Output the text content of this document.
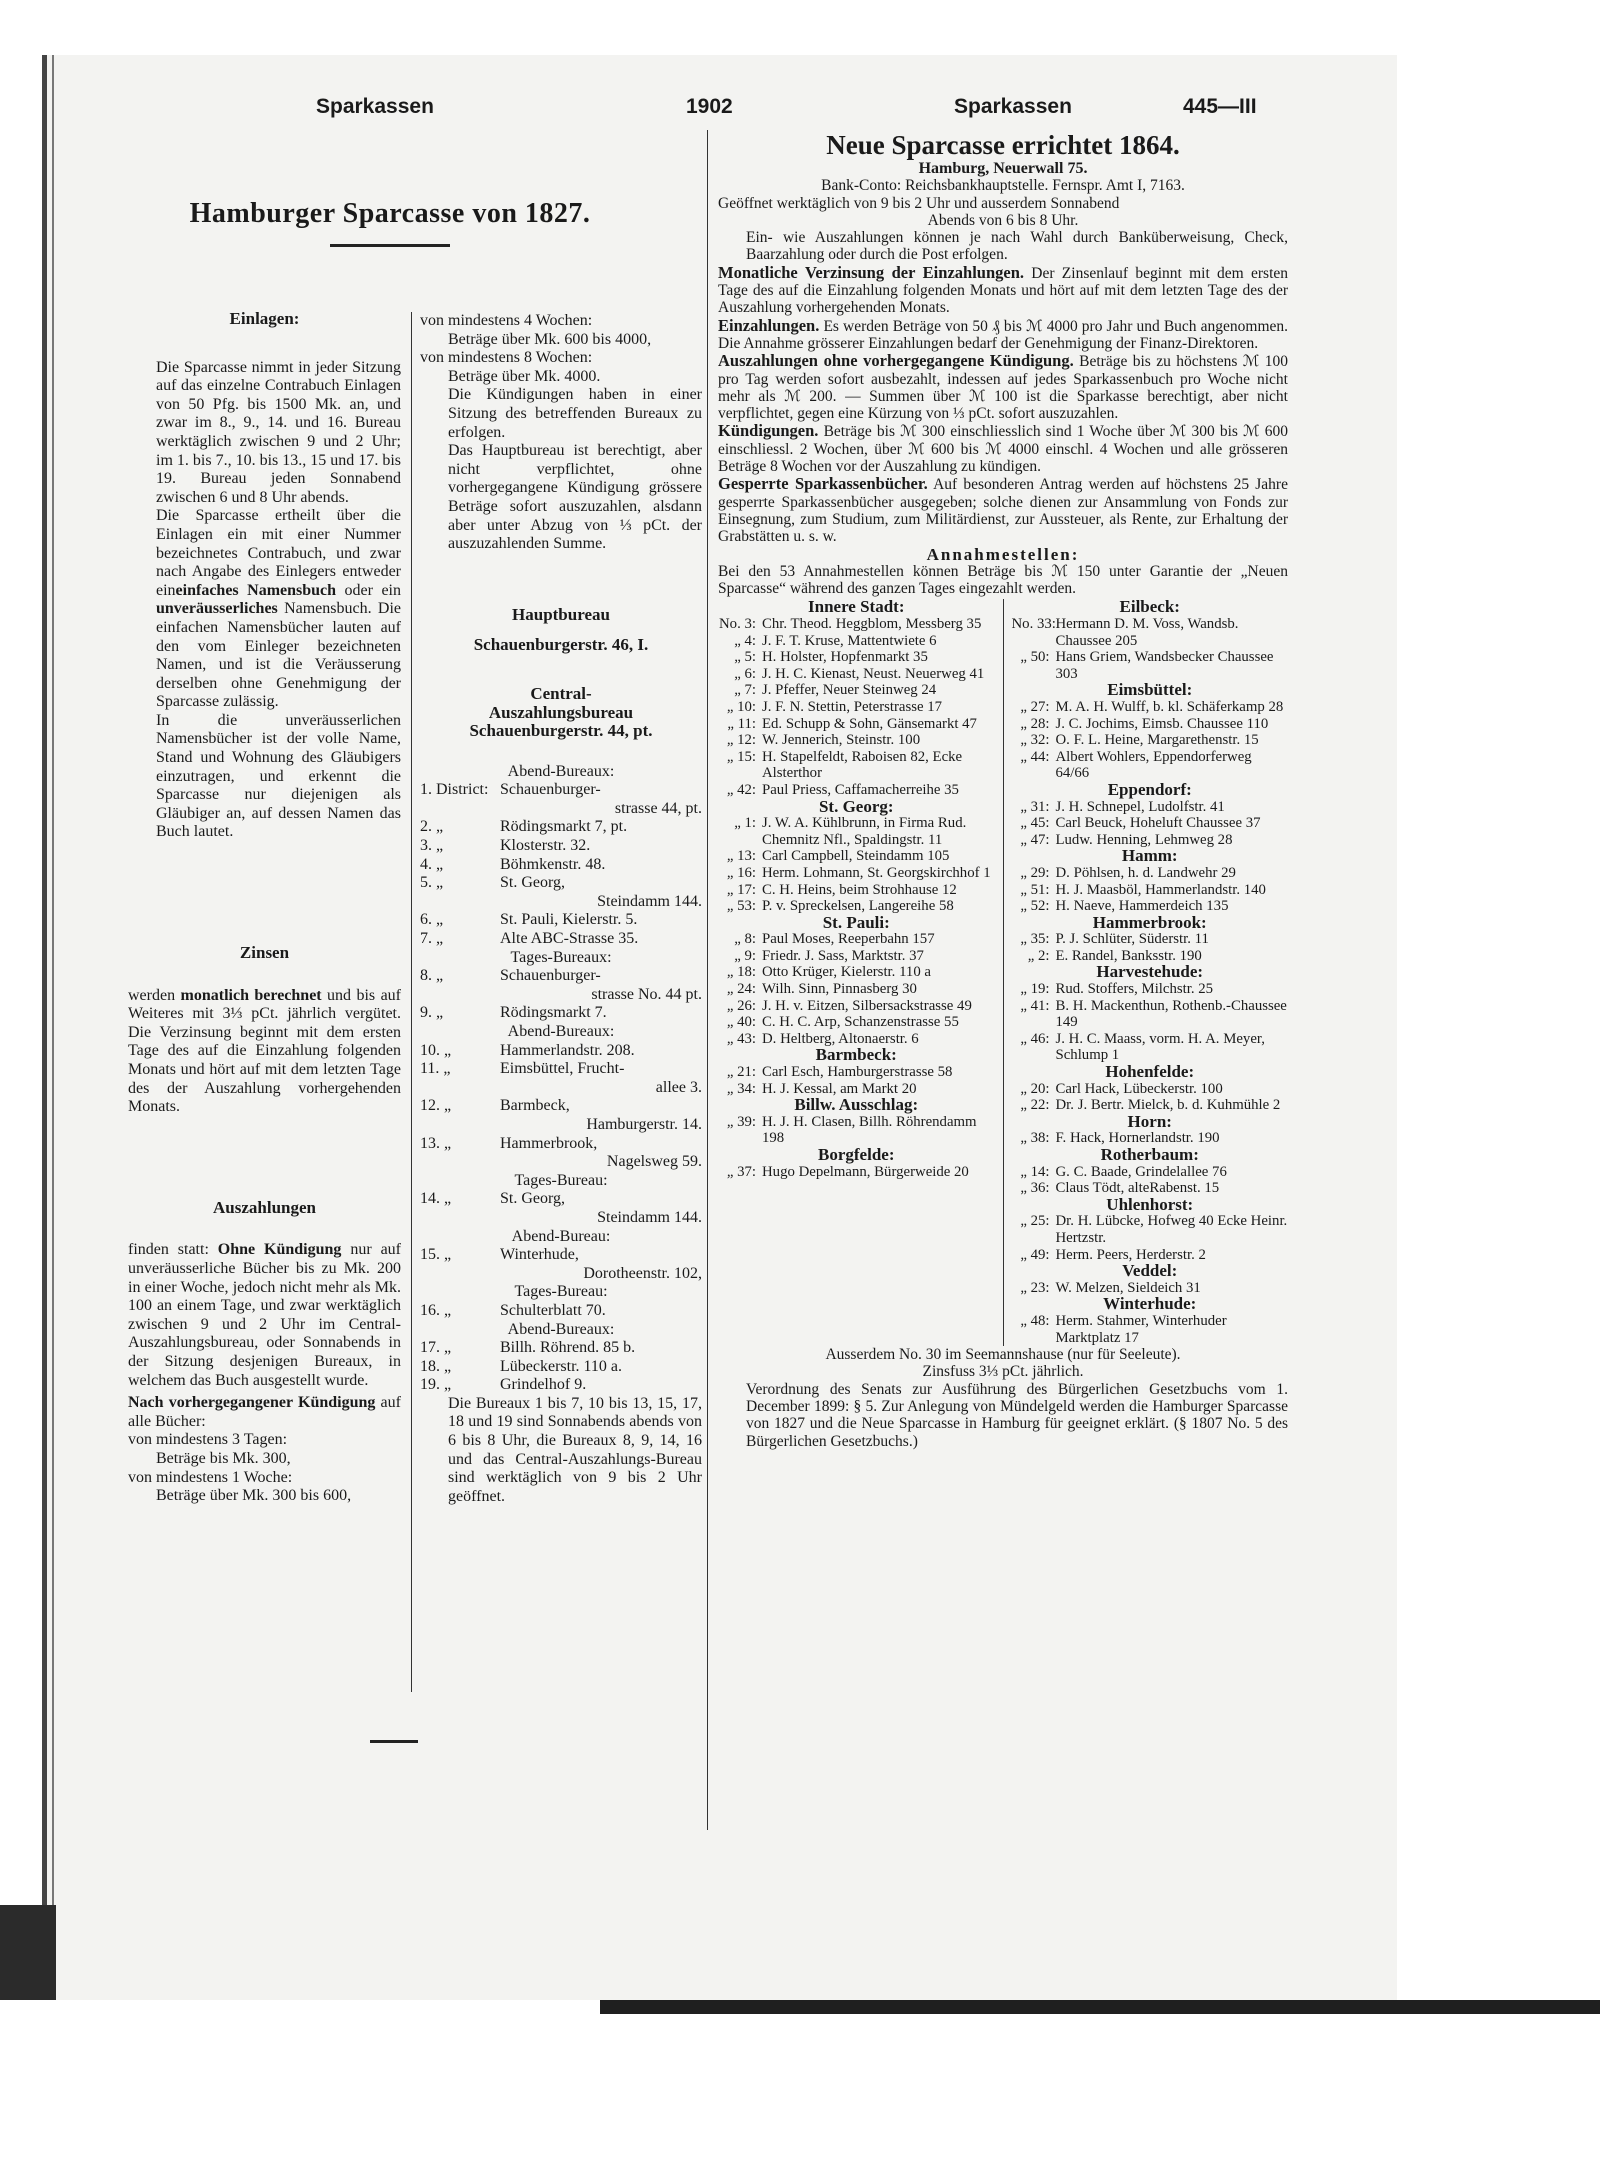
Sparkassen	1902	Sparkassen	445—III
Hamburger Sparcasse von 1827.
Einlagen:

Die Sparcasse nimmt in jeder Sitzung auf das einzelne Contrabuch Einlagen von 50 Pfg. bis 1500 Mk. an, und zwar im 8., 9., 14. und 16. Bureau werktäglich zwischen 9 und 2 Uhr; im 1. bis 7., 10. bis 13., 15 und 17. bis 19. Bureau jeden Sonnabend zwischen 6 und 8 Uhr abends.

Die Sparcasse ertheilt über die Einlagen ein mit einer Nummer bezeichnetes Contrabuch, und zwar nach Angabe des Einlegers entweder eineinfaches Namensbuch oder ein unveräusserliches Namensbuch. Die einfachen Namensbücher lauten auf den vom Einleger bezeichneten Namen, und ist die Veräusserung derselben ohne Genehmigung der Sparcasse zulässig.

In die unveräusserlichen Namensbücher ist der volle Name, Stand und Wohnung des Gläubigers einzutragen, und erkennt die Sparcasse nur diejenigen als Gläubiger an, auf dessen Namen das Buch lautet.

Zinsen

werden monatlich berechnet und bis auf Weiteres mit 3⅓ pCt. jährlich vergütet. Die Verzinsung beginnt mit dem ersten Tage des auf die Einzahlung folgenden Monats und hört auf mit dem letzten Tage des der Auszahlung vorhergehenden Monats.

Auszahlungen

finden statt: Ohne Kündigung nur auf unveräusserliche Bücher bis zu Mk. 200 in einer Woche, jedoch nicht mehr als Mk. 100 an einem Tage, und zwar werktäglich zwischen 9 und 2 Uhr im Central-Auszahlungsbureau, oder Sonnabends in der Sitzung desjenigen Bureaux, in welchem das Buch ausgestellt wurde.

Nach vorhergegangener Kündigung auf alle Bücher:

von mindestens 3 Tagen:

Beträge bis Mk. 300,

von mindestens 1 Woche:

Beträge über Mk. 300 bis 600,

von mindestens 4 Wochen:

Beträge über Mk. 600 bis 4000,

von mindestens 8 Wochen:

Beträge über Mk. 4000.

Die Kündigungen haben in einer Sitzung des betreffenden Bureaux zu erfolgen.

Das Hauptbureau ist berechtigt, aber nicht verpflichtet, ohne vorhergegangene Kündigung grössere Beträge sofort auszuzahlen, alsdann aber unter Abzug von ⅓ pCt. der auszuzahlenden Summe.

Hauptbureau
Schauenburgerstr. 46, I.
Central-
Auszahlungsbureau
Schauenburgerstr. 44, pt.
Abend-Bureaux:
1. District: Schauenburger-
strasse 44, pt.
2. „	Rödingsmarkt 7, pt.
3. „	Klosterstr. 32.
4. „	Böhmkenstr. 48.
5. „	St. Georg,
Steindamm 144.
6. „	St. Pauli, Kielerstr. 5.
7. „	Alte ABC-Strasse 35.
Tages-Bureaux:
8. „	Schauenburger-
strasse No. 44 pt.
9. „	Rödingsmarkt 7.
Abend-Bureaux:
10. „	Hammerlandstr. 208.
11. „	Eimsbüttel, Frucht-
allee 3.
12. „	Barmbeck,
Hamburgerstr. 14.
13. „	Hammerbrook,
Nagelsweg 59.
Tages-Bureau:
14. „	St. Georg,
Steindamm 144.
Abend-Bureau:
15. „	Winterhude,
Dorotheenstr. 102,
Tages-Bureau:
16. „	Schulterblatt 70.
Abend-Bureaux:
17. „	Billh. Röhrend. 85 b.
18. „	Lübeckerstr. 110 a.
19. „	Grindelhof 9.

Die Bureaux 1 bis 7, 10 bis 13, 15, 17, 18 und 19 sind Sonnabends abends von 6 bis 8 Uhr, die Bureaux 8, 9, 14, 16 und das Central-Auszahlungs-Bureau sind werktäglich von 9 bis 2 Uhr geöffnet.

Neue Sparcasse errichtet 1864.
Hamburg, Neuerwall 75.

Bank-Conto: Reichsbankhauptstelle. Fernspr. Amt I, 7163.

Geöffnet werktäglich von 9 bis 2 Uhr und ausserdem Sonnabend

Abends von 6 bis 8 Uhr.

Ein- wie Auszahlungen können je nach Wahl durch Banküberweisung, Check, Baarzahlung oder durch die Post erfolgen.

Monatliche Verzinsung der Einzahlungen. Der Zinsenlauf beginnt mit dem ersten Tage des auf die Einzahlung folgenden Monats und hört auf mit dem letzten Tage des der Auszahlung vorhergehenden Monats.

Einzahlungen. Es werden Beträge von 50 ₰ bis ℳ 4000 pro Jahr und Buch angenommen. Die Annahme grösserer Einzahlungen bedarf der Genehmigung der Finanz-Direktoren.

Auszahlungen ohne vorhergegangene Kündigung. Beträge bis zu höchstens ℳ 100 pro Tag werden sofort ausbezahlt, indessen auf jedes Sparkassenbuch pro Woche nicht mehr als ℳ 200. — Summen über ℳ 100 ist die Sparkasse berechtigt, aber nicht verpflichtet, gegen eine Kürzung von ⅓ pCt. sofort auszuzahlen.

Kündigungen. Beträge bis ℳ 300 einschliesslich sind 1 Woche über ℳ 300 bis ℳ 600 einschliessl. 2 Wochen, über ℳ 600 bis ℳ 4000 einschl. 4 Wochen und alle grösseren Beträge 8 Wochen vor der Auszahlung zu kündigen.

Gesperrte Sparkassenbücher. Auf besonderen Antrag werden auf höchstens 25 Jahre gesperrte Sparkassenbücher ausgegeben; solche dienen zur Ansammlung von Fonds zur Einsegnung, zum Studium, zum Militärdienst, zur Aussteuer, als Rente, zur Erhaltung der Grabstätten u. s. w.

Annahmestellen:

Bei den 53 Annahmestellen können Beträge bis ℳ 150 unter Garantie der „Neuen Sparcasse“ während des ganzen Tages eingezahlt werden.

Innere Stadt:
No. 3: Chr. Theod. Heggblom, Messberg 35
„ 4: J. F. T. Kruse, Mattentwiete 6
„ 5: H. Holster, Hopfenmarkt 35
„ 6: J. H. C. Kienast, Neust. Neuerweg 41
„ 7: J. Pfeffer, Neuer Steinweg 24
„ 10: J. F. N. Stettin, Peterstrasse 17
„ 11: Ed. Schupp & Sohn, Gänsemarkt 47
„ 12: W. Jennerich, Steinstr. 100
„ 15: H. Stapelfeldt, Raboisen 82, Ecke Alsterthor
„ 42: Paul Priess, Caffamacherreihe 35
St. Georg:
„ 1: J. W. A. Kühlbrunn, in Firma Rud. Chemnitz Nfl., Spaldingstr. 11
„ 13: Carl Campbell, Steindamm 105
„ 16: Herm. Lohmann, St. Georgskirchhof 1
„ 17: C. H. Heins, beim Strohhause 12
„ 53: P. v. Spreckelsen, Langereihe 58
St. Pauli:
„ 8: Paul Moses, Reeperbahn 157
„ 9: Friedr. J. Sass, Marktstr. 37
„ 18: Otto Krüger, Kielerstr. 110 a
„ 24: Wilh. Sinn, Pinnasberg 30
„ 26: J. H. v. Eitzen, Silbersackstrasse 49
„ 40: C. H. C. Arp, Schanzenstrasse 55
„ 43: D. Heltberg, Altonaerstr. 6
Barmbeck:
„ 21: Carl Esch, Hamburgerstrasse 58
„ 34: H. J. Kessal, am Markt 20
Billw. Ausschlag:
„ 39: H. J. H. Clasen, Billh. Röhrendamm 198
Borgfelde:
„ 37: Hugo Depelmann, Bürgerweide 20
Eilbeck:
No. 33: Hermann D. M. Voss, Wandsb. Chaussee 205
„ 50: Hans Griem, Wandsbecker Chaussee 303
Eimsbüttel:
„ 27: M. A. H. Wulff, b. kl. Schäferkamp 28
„ 28: J. C. Jochims, Eimsb. Chaussee 110
„ 32: O. F. L. Heine, Margarethenstr. 15
„ 44: Albert Wohlers, Eppendorferweg 64/66
Eppendorf:
„ 31: J. H. Schnepel, Ludolfstr. 41
„ 45: Carl Beuck, Hoheluft Chaussee 37
„ 47: Ludw. Henning, Lehmweg 28
Hamm:
„ 29: D. Pöhlsen, h. d. Landwehr 29
„ 51: H. J. Maasböl, Hammerlandstr. 140
„ 52: H. Naeve, Hammerdeich 135
Hammerbrook:
„ 35: P. J. Schlüter, Süderstr. 11
„ 2: E. Randel, Banksstr. 190
Harvestehude:
„ 19: Rud. Stoffers, Milchstr. 25
„ 41: B. H. Mackenthun, Rothenb.-Chaussee 149
„ 46: J. H. C. Maass, vorm. H. A. Meyer, Schlump 1
Hohenfelde:
„ 20: Carl Hack, Lübeckerstr. 100
„ 22: Dr. J. Bertr. Mielck, b. d. Kuhmühle 2
Horn:
„ 38: F. Hack, Hornerlandstr. 190
Rotherbaum:
„ 14: G. C. Baade, Grindelallee 76
„ 36: Claus Tödt, alteRabenst. 15
Uhlenhorst:
„ 25: Dr. H. Lübcke, Hofweg 40 Ecke Heinr. Hertzstr.
„ 49: Herm. Peers, Herderstr. 2
Veddel:
„ 23: W. Melzen, Sieldeich 31
Winterhude:
„ 48: Herm. Stahmer, Winterhuder Marktplatz 17

Ausserdem No. 30 im Seemannshause (nur für Seeleute).

Zinsfuss 3⅓ pCt. jährlich.

Verordnung des Senats zur Ausführung des Bürgerlichen Gesetzbuchs vom 1. December 1899: § 5. Zur Anlegung von Mündelgeld werden die Hamburger Sparcasse von 1827 und die Neue Sparcasse in Hamburg für geeignet erklärt. (§ 1807 No. 5 des Bürgerlichen Gesetzbuchs.)
